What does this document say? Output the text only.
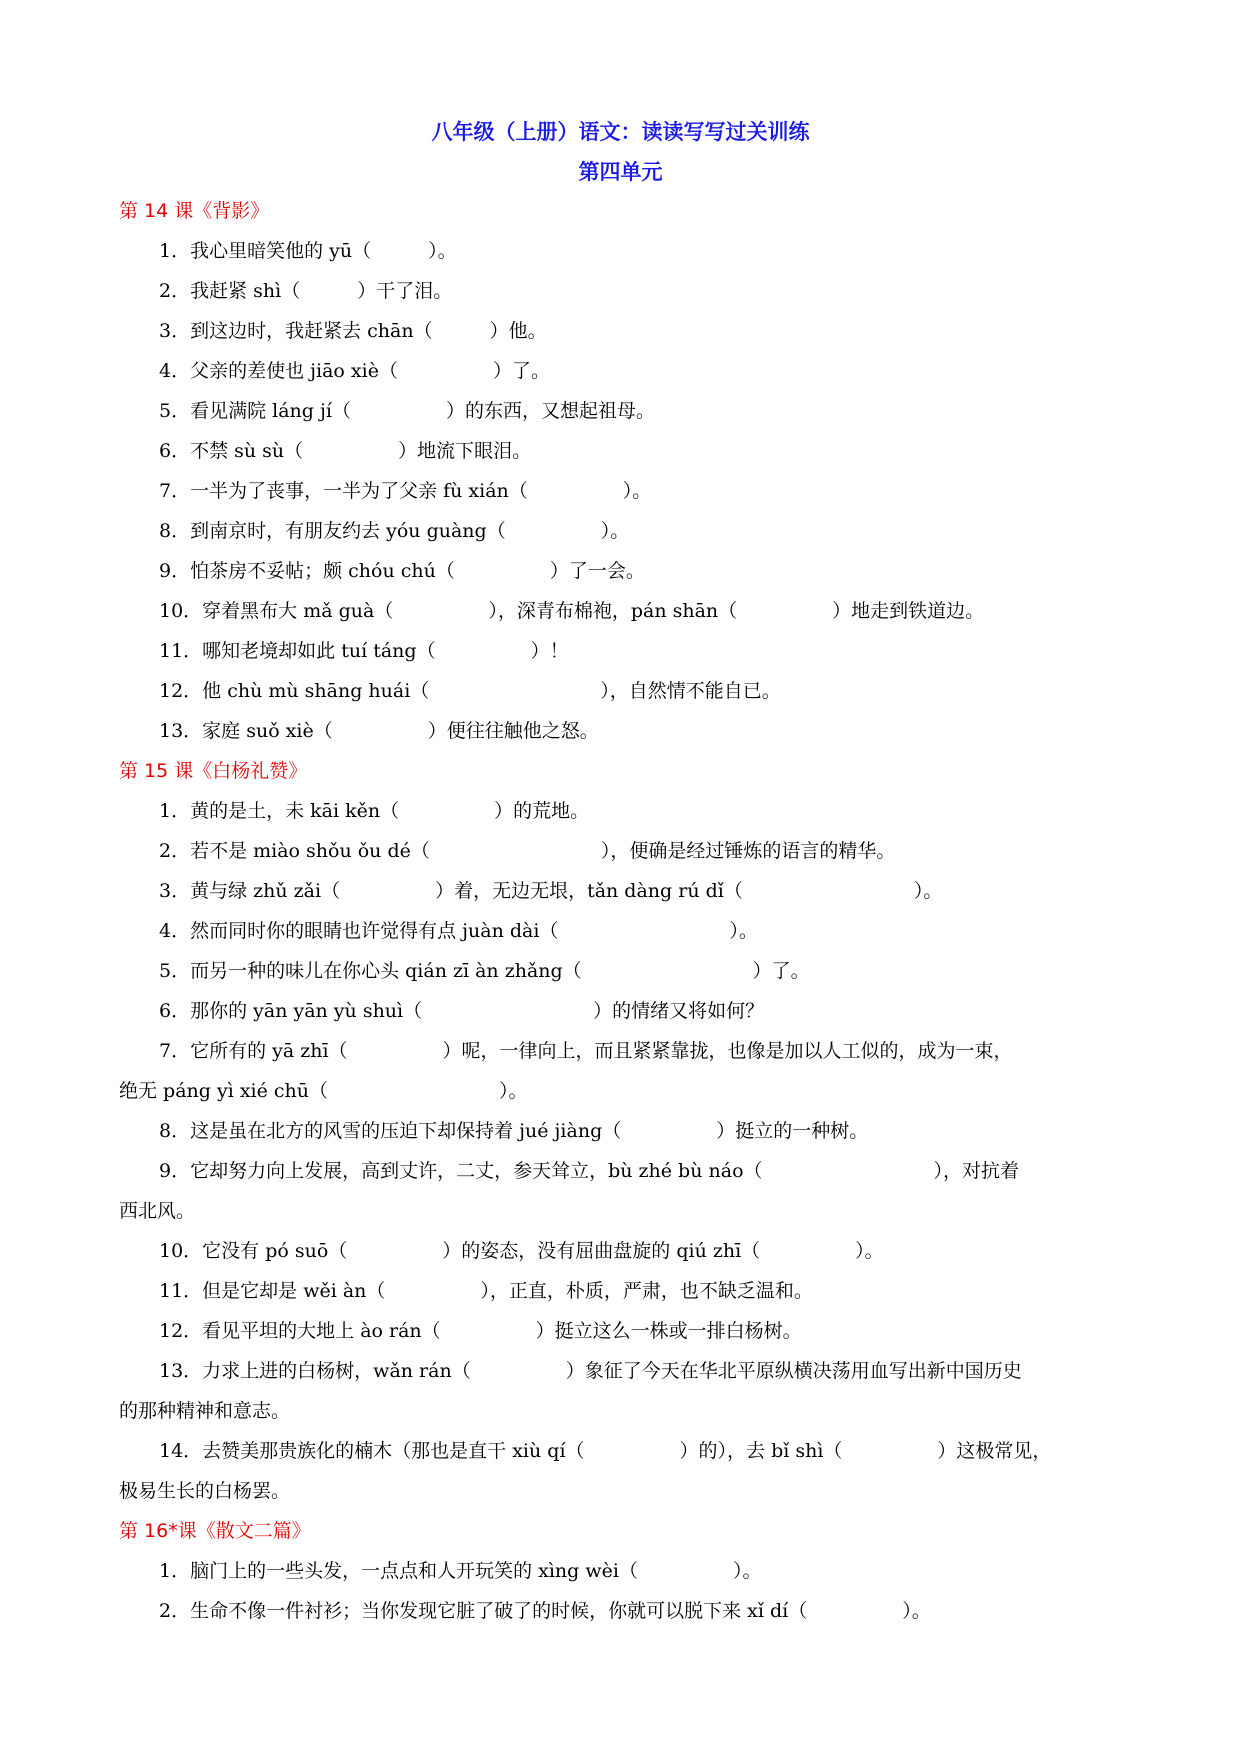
八年级（上册）语文：读读写写过关训练
第四单元
第 14 课《背影》
1．我心里暗笑他的 yū（　　　）。
2．我赶紧 shì（　　　）干了泪。
3．到这边时，我赶紧去 chān（　　　）他。
4．父亲的差使也 jiāo xiè（　　　　　）了。
5．看见满院 láng jí（　　　　　）的东西，又想起祖母。
6．不禁 sù sù（　　　　　）地流下眼泪。
7．一半为了丧事，一半为了父亲 fù xián（　　　　　）。
8．到南京时，有朋友约去 yóu guàng（　　　　　）。
9．怕茶房不妥帖；颇 chóu chú（　　　　　）了一会。
10．穿着黑布大 mǎ guà（　　　　　），深青布棉袍，pán shān（　　　　　）地走到铁道边。
11．哪知老境却如此 tuí táng（　　　　　）！
12．他 chù mù shāng huái（　　　　　　　　　），自然情不能自已。
13．家庭 suǒ xiè（　　　　　）便往往触他之怒。
第 15 课《白杨礼赞》
1．黄的是土，未 kāi kěn（　　　　　）的荒地。
2．若不是 miào shǒu ǒu dé（　　　　　　　　　），便确是经过锤炼的语言的精华。
3．黄与绿 zhǔ zǎi（　　　　　）着，无边无垠，tǎn dàng rú dǐ（　　　　　　　　　）。
4．然而同时你的眼睛也许觉得有点 juàn dài（　　　　　　　　　）。
5．而另一种的味儿在你心头 qián zī àn zhǎng（　　　　　　　　　）了。
6．那你的 yān yān yù shuì（　　　　　　　　　）的情绪又将如何？
7．它所有的 yā zhī（　　　　　）呢，一律向上，而且紧紧靠拢，也像是加以人工似的，成为一束，
绝无 páng yì xié chū（　　　　　　　　　）。
8．这是虽在北方的风雪的压迫下却保持着 jué jiàng（　　　　　）挺立的一种树。
9．它却努力向上发展，高到丈许，二丈，参天耸立，bù zhé bù náo（　　　　　　　　　），对抗着
西北风。
10．它没有 pó suō（　　　　　）的姿态，没有屈曲盘旋的 qiú zhī（　　　　　）。
11．但是它却是 wěi àn（　　　　　），正直，朴质，严肃，也不缺乏温和。
12．看见平坦的大地上 ào rán（　　　　　）挺立这么一株或一排白杨树。
13．力求上进的白杨树，wǎn rán（　　　　　）象征了今天在华北平原纵横决荡用血写出新中国历史
的那种精神和意志。
14．去赞美那贵族化的楠木（那也是直干 xiù qí（　　　　　）的），去 bǐ shì（　　　　　）这极常见，
极易生长的白杨罢。
第 16*课《散文二篇》
1．脑门上的一些头发，一点点和人开玩笑的 xìng wèi（　　　　　）。
2．生命不像一件衬衫；当你发现它脏了破了的时候，你就可以脱下来 xǐ dí（　　　　　）。
